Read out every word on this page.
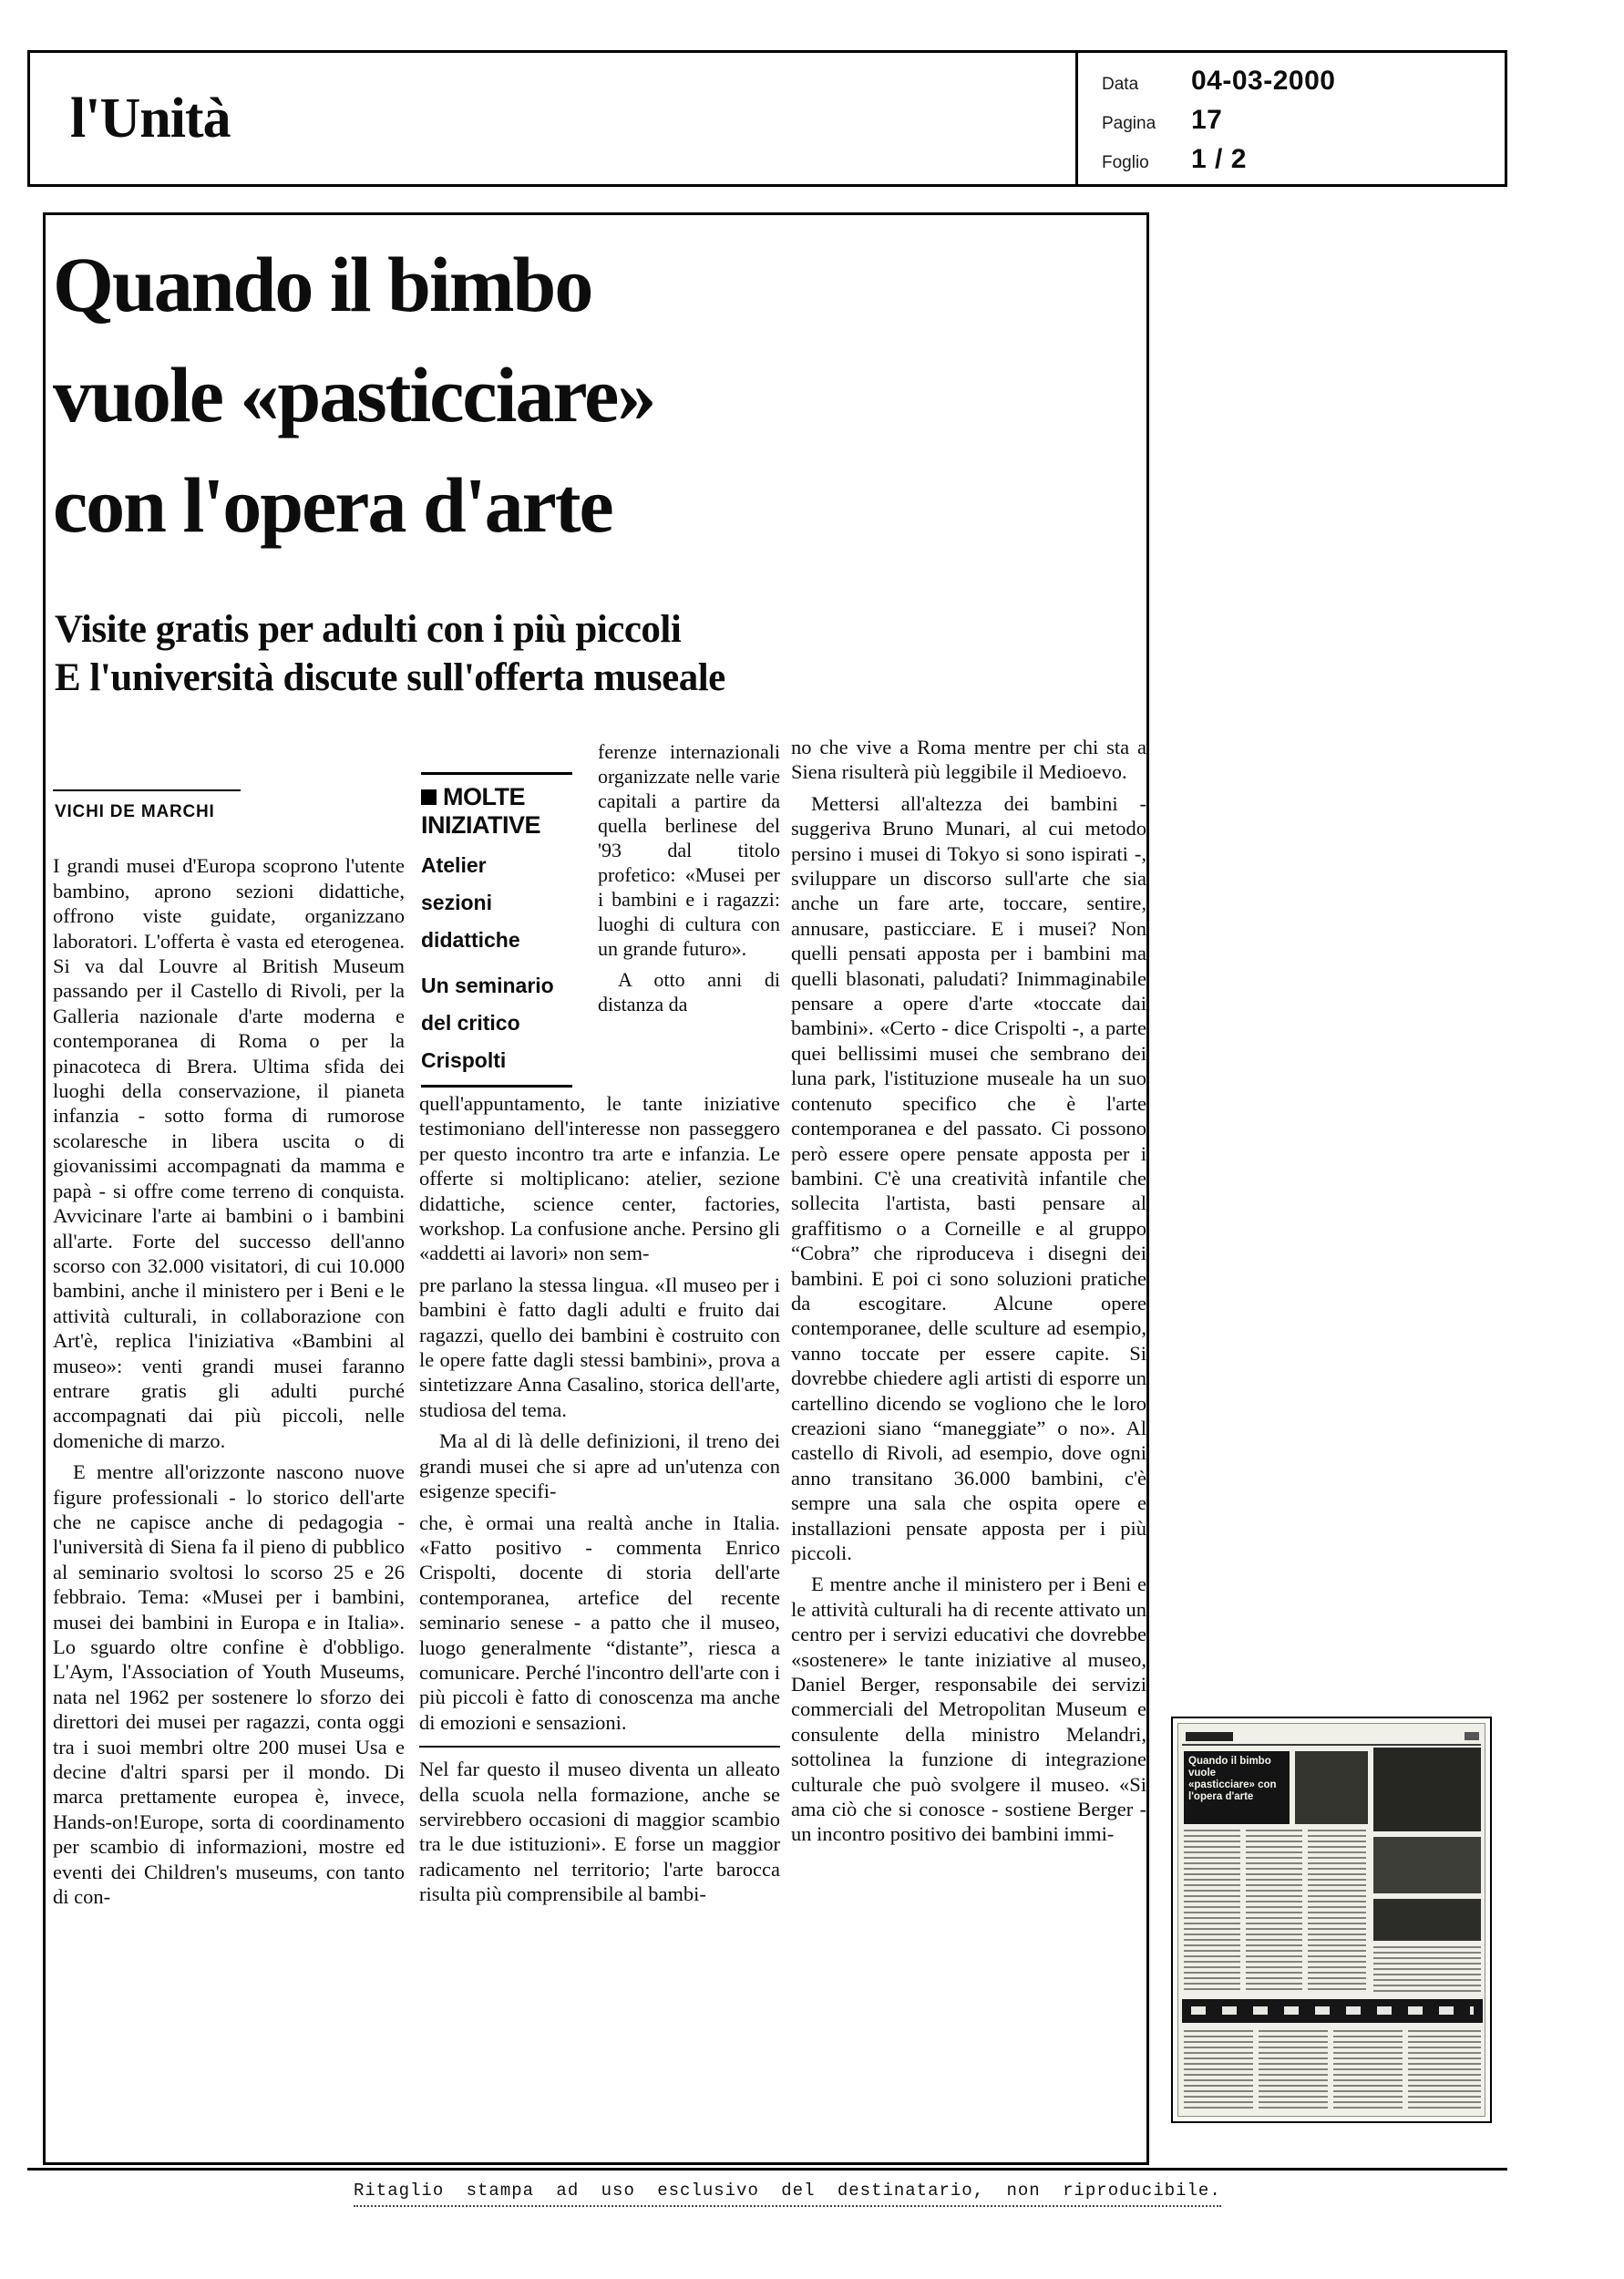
l'Unità
Data	04-03-2000
Pagina	17
Foglio	1 / 2
Quando il bimbo
vuole «pasticciare»
con l'opera d'arte
Visite gratis per adulti con i più piccoli
E l'università discute sull'offerta museale
VICHI DE MARCHI

I grandi musei d'Europa scoprono l'utente bambino, aprono sezioni didattiche, offrono viste guidate, organizzano laboratori. L'offerta è vasta ed eterogenea. Si va dal Louvre al British Museum passando per il Castello di Rivoli, per la Galleria nazionale d'arte moderna e contemporanea di Roma o per la pinacoteca di Brera. Ultima sfida dei luoghi della conservazione, il pianeta infanzia - sotto forma di rumorose scolaresche in libera uscita o di giovanissimi accompagnati da mamma e papà - si offre come terreno di conquista. Avvicinare l'arte ai bambini o i bambini all'arte. Forte del successo dell'anno scorso con 32.000 visitatori, di cui 10.000 bambini, anche il ministero per i Beni e le attività culturali, in collaborazione con Art'è, replica l'iniziativa «Bambini al museo»: venti grandi musei faranno entrare gratis gli adulti purché accompagnati dai più piccoli, nelle domeniche di marzo.

E mentre all'orizzonte nascono nuove figure professionali - lo storico dell'arte che ne capisce anche di pedagogia - l'università di Siena fa il pieno di pubblico al seminario svoltosi lo scorso 25 e 26 febbraio. Tema: «Musei per i bambini, musei dei bambini in Europa e in Italia». Lo sguardo oltre confine è d'obbligo. L'Aym, l'Association of Youth Museums, nata nel 1962 per sostenere lo sforzo dei direttori dei musei per ragazzi, conta oggi tra i suoi membri oltre 200 musei Usa e decine d'altri sparsi per il mondo. Di marca prettamente europea è, invece, Hands-on!Europe, sorta di coordinamento per scambio di informazioni, mostre ed eventi dei Children's museums, con tanto di con-

MOLTE
INIZIATIVE
Atelier
sezioni
didattiche
Un seminario
del critico
Crispolti

ferenze internazionali organizzate nelle varie capitali a partire da quella berlinese del '93 dal titolo profetico: «Musei per i bambini e i ragazzi: luoghi di cultura con un grande futuro».

A otto anni di distanza da

quell'appuntamento, le tante iniziative testimoniano dell'interesse non passeggero per questo incontro tra arte e infanzia. Le offerte si moltiplicano: atelier, sezione didattiche, science center, factories, workshop. La confusione anche. Persino gli «addetti ai lavori» non sem-

pre parlano la stessa lingua. «Il museo per i bambini è fatto dagli adulti e fruito dai ragazzi, quello dei bambini è costruito con le opere fatte dagli stessi bambini», prova a sintetizzare Anna Casalino, storica dell'arte, studiosa del tema.

Ma al di là delle definizioni, il treno dei grandi musei che si apre ad un'utenza con esigenze specifi-

che, è ormai una realtà anche in Italia. «Fatto positivo - commenta Enrico Crispolti, docente di storia dell'arte contemporanea, artefice del recente seminario senese - a patto che il museo, luogo generalmente “distante”, riesca a comunicare. Perché l'incontro dell'arte con i più piccoli è fatto di conoscenza ma anche di emozioni e sensazioni.

Nel far questo il museo diventa un alleato della scuola nella formazione, anche se servirebbero occasioni di maggior scambio tra le due istituzioni». E forse un maggior radicamento nel territorio; l'arte barocca risulta più comprensibile al bambi-

no che vive a Roma mentre per chi sta a Siena risulterà più leggibile il Medioevo.

Mettersi all'altezza dei bambini - suggeriva Bruno Munari, al cui metodo persino i musei di Tokyo si sono ispirati -, sviluppare un discorso sull'arte che sia anche un fare arte, toccare, sentire, annusare, pasticciare. E i musei? Non quelli pensati apposta per i bambini ma quelli blasonati, paludati? Inimmaginabile pensare a opere d'arte «toccate dai bambini». «Certo - dice Crispolti -, a parte quei bellissimi musei che sembrano dei luna park, l'istituzione museale ha un suo contenuto specifico che è l'arte contemporanea e del passato. Ci possono però essere opere pensate apposta per i bambini. C'è una creatività infantile che sollecita l'artista, basti pensare al graffitismo o a Corneille e al gruppo “Cobra” che riproduceva i disegni dei bambini. E poi ci sono soluzioni pratiche da escogitare. Alcune opere contemporanee, delle sculture ad esempio, vanno toccate per essere capite. Si dovrebbe chiedere agli artisti di esporre un cartellino dicendo se vogliono che le loro creazioni siano “maneggiate” o no». Al castello di Rivoli, ad esempio, dove ogni anno transitano 36.000 bambini, c'è sempre una sala che ospita opere e installazioni pensate apposta per i più piccoli.

E mentre anche il ministero per i Beni e le attività culturali ha di recente attivato un centro per i servizi educativi che dovrebbe «sostenere» le tante iniziative al museo, Daniel Berger, responsabile dei servizi commerciali del Metropolitan Museum e consulente della ministro Melandri, sottolinea la funzione di integrazione culturale che può svolgere il museo. «Si ama ciò che si conosce - sostiene Berger - un incontro positivo dei bambini immi-

Quando il bimbo vuole «pasticciare» con l'opera d'arte
Ritaglio stampa ad uso esclusivo del destinatario, non riproducibile.
